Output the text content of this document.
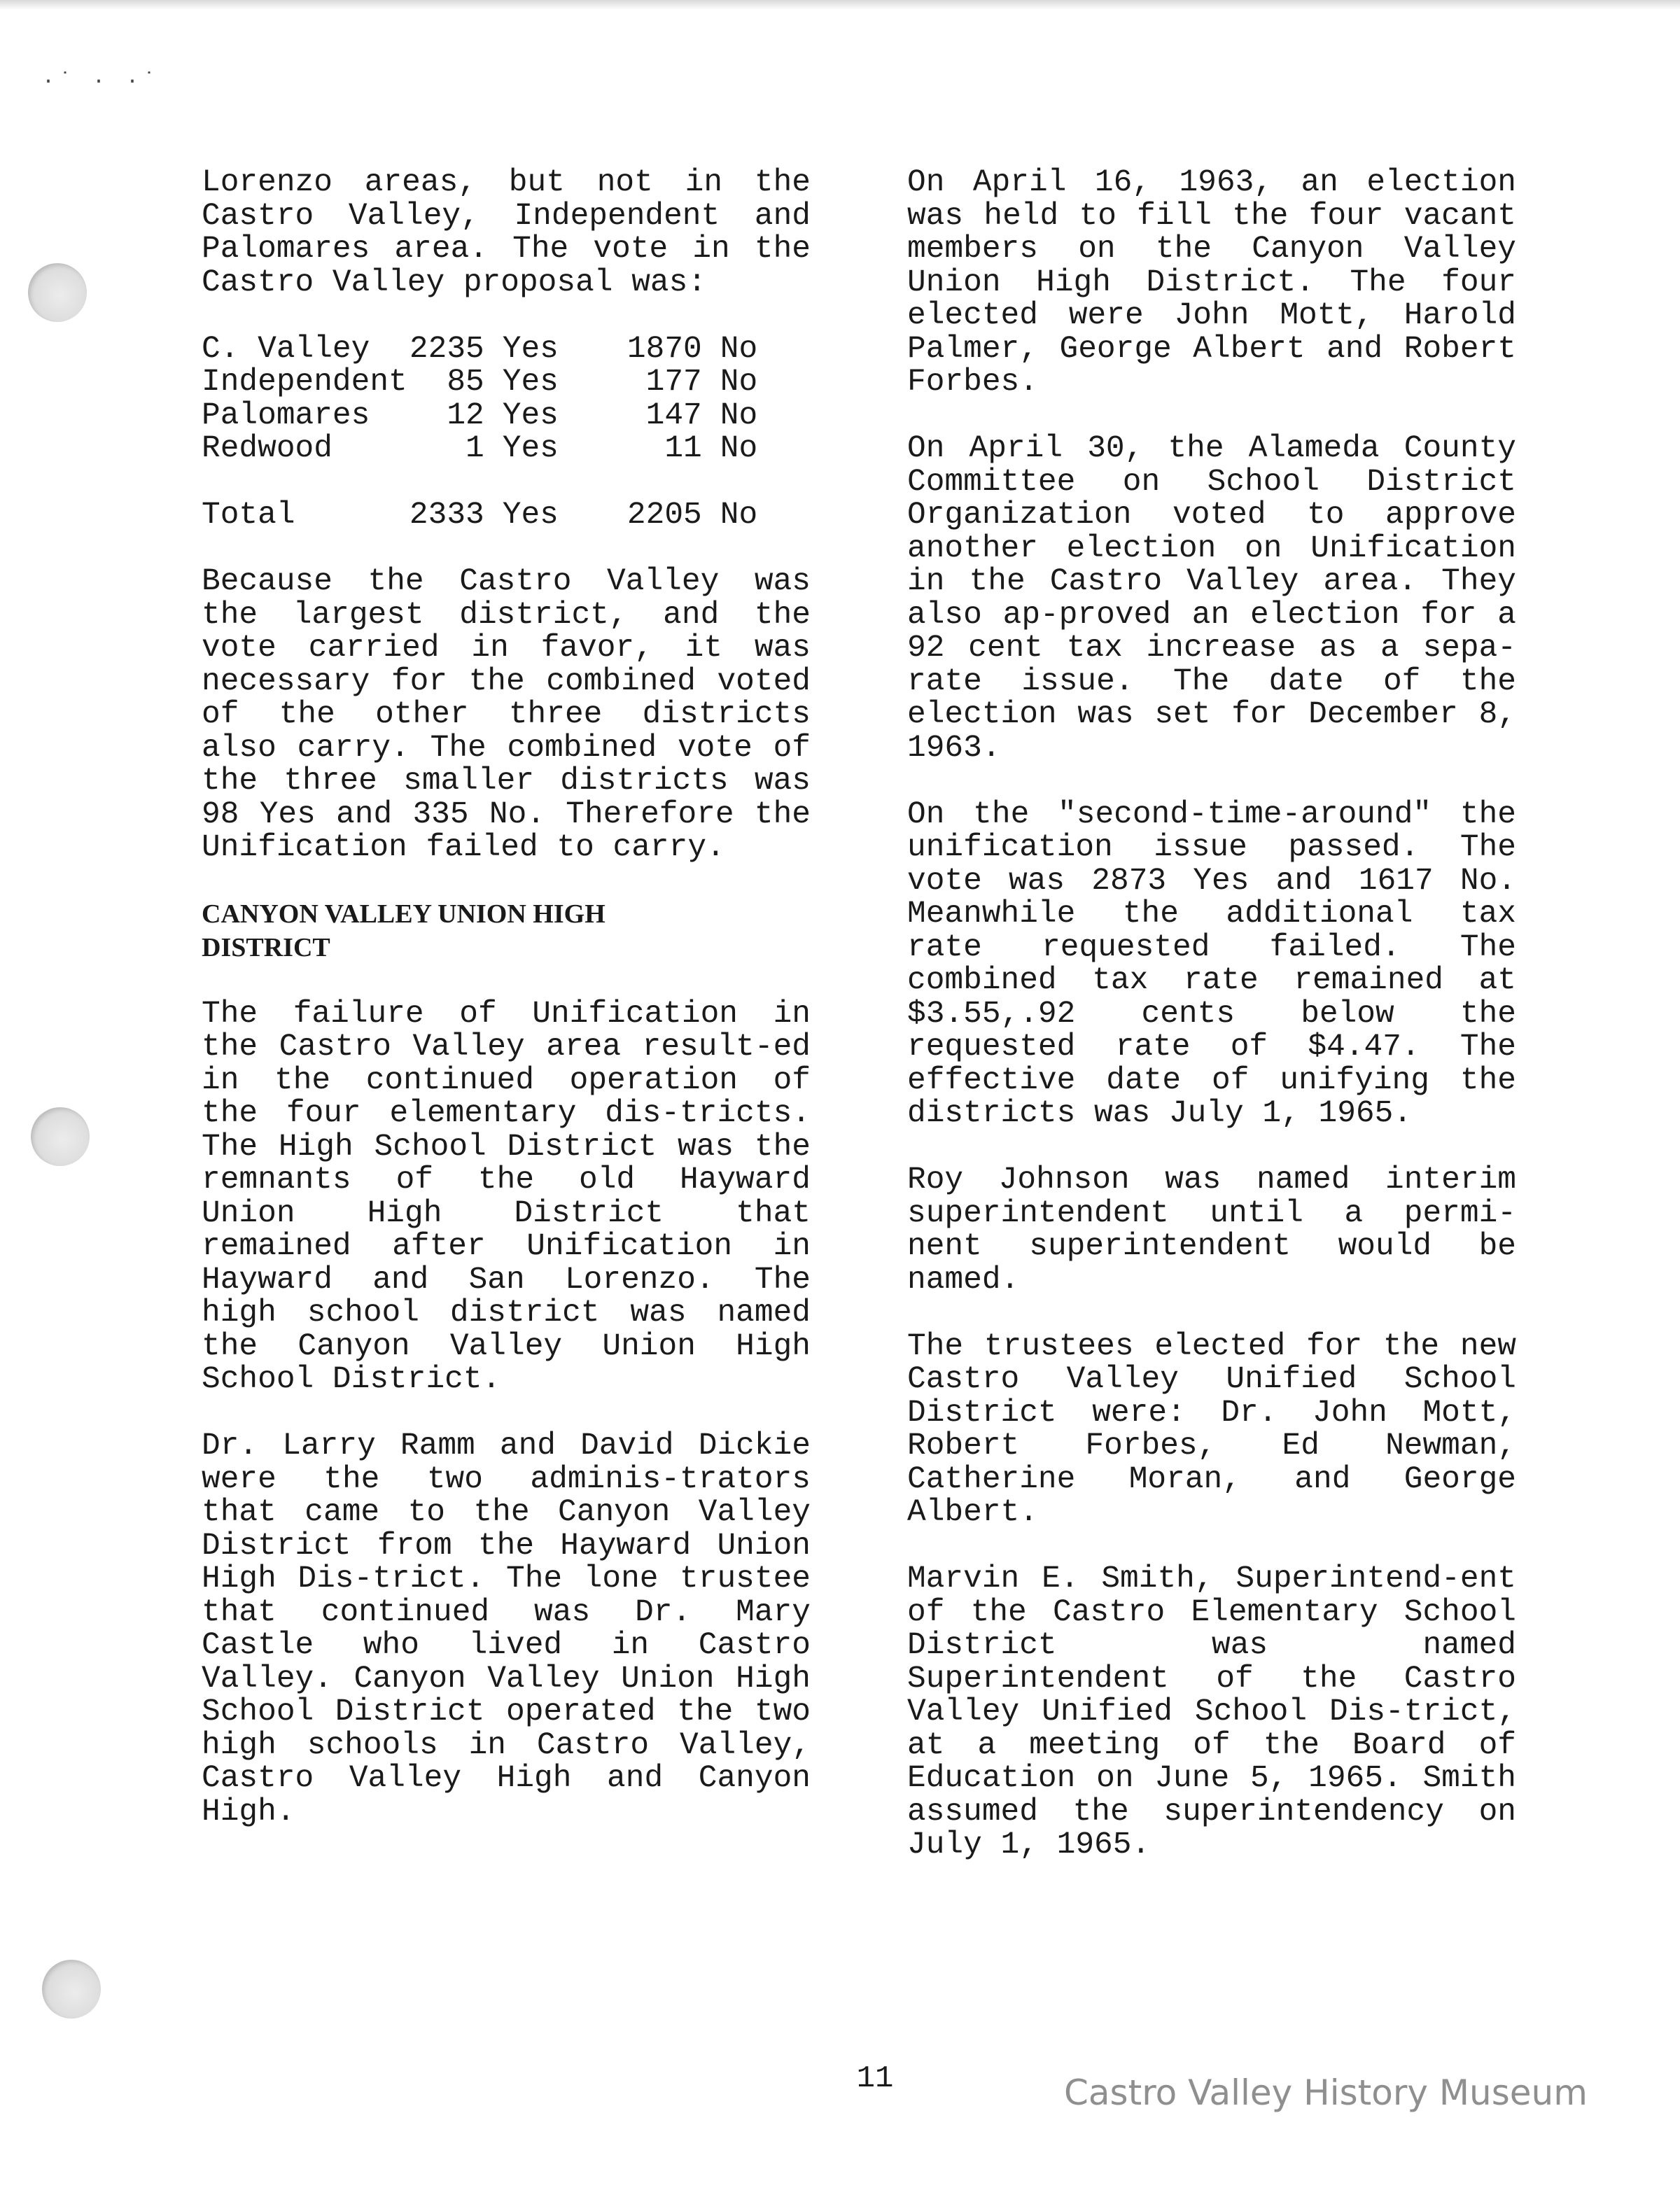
·˙ · ·˙

Lorenzo areas, but not in the Castro Valley, Independent and Palomares area. The vote in the Castro Valley proposal was:

C. Valley	2235	Yes	1870	No
Independent	85	Yes	177	No
Palomares	12	Yes	147	No
Redwood	1	Yes	11	No

Total	2333	Yes	2205	No

Because the Castro Valley was the largest district, and the vote carried in favor, it was necessary for the combined voted of the other three districts also carry. The combined vote of the three smaller districts was 98 Yes and 335 No. Therefore the Unification failed to carry.

CANYON VALLEY UNION HIGH DISTRICT

The failure of Unification in the Castro Valley area result-ed in the continued operation of the four elementary dis-tricts. The High School District was the remnants of the old Hayward Union High District that remained after Unification in Hayward and San Lorenzo. The high school district was named the Canyon Valley Union High School District.

Dr. Larry Ramm and David Dickie were the two adminis-trators that came to the Canyon Valley District from the Hayward Union High Dis-trict. The lone trustee that continued was Dr. Mary Castle who lived in Castro Valley. Canyon Valley Union High School District operated the two high schools in Castro Valley, Castro Valley High and Canyon High.

On April 16, 1963, an election was held to fill the four vacant members on the Canyon Valley Union High District. The four elected were John Mott, Harold Palmer, George Albert and Robert Forbes.

On April 30, the Alameda County Committee on School District Organization voted to approve another election on Unification in the Castro Valley area. They also ap-proved an election for a 92 cent tax increase as a sepa-rate issue. The date of the election was set for December 8, 1963.

On the "second-time-around" the unification issue passed. The vote was 2873 Yes and 1617 No. Meanwhile the additional tax rate requested failed. The combined tax rate remained at $3.55,.92 cents below the requested rate of $4.47. The effective date of unifying the districts was July 1, 1965.

Roy Johnson was named interim superintendent until a permi-nent superintendent would be named.

The trustees elected for the new Castro Valley Unified School District were: Dr. John Mott, Robert Forbes, Ed Newman, Catherine Moran, and George Albert.

Marvin E. Smith, Superintend-ent of the Castro Elementary School District was named Superintendent of the Castro Valley Unified School Dis-trict, at a meeting of the Board of Education on June 5, 1965. Smith assumed the superintendency on July 1, 1965.

11	Castro Valley History Museum
